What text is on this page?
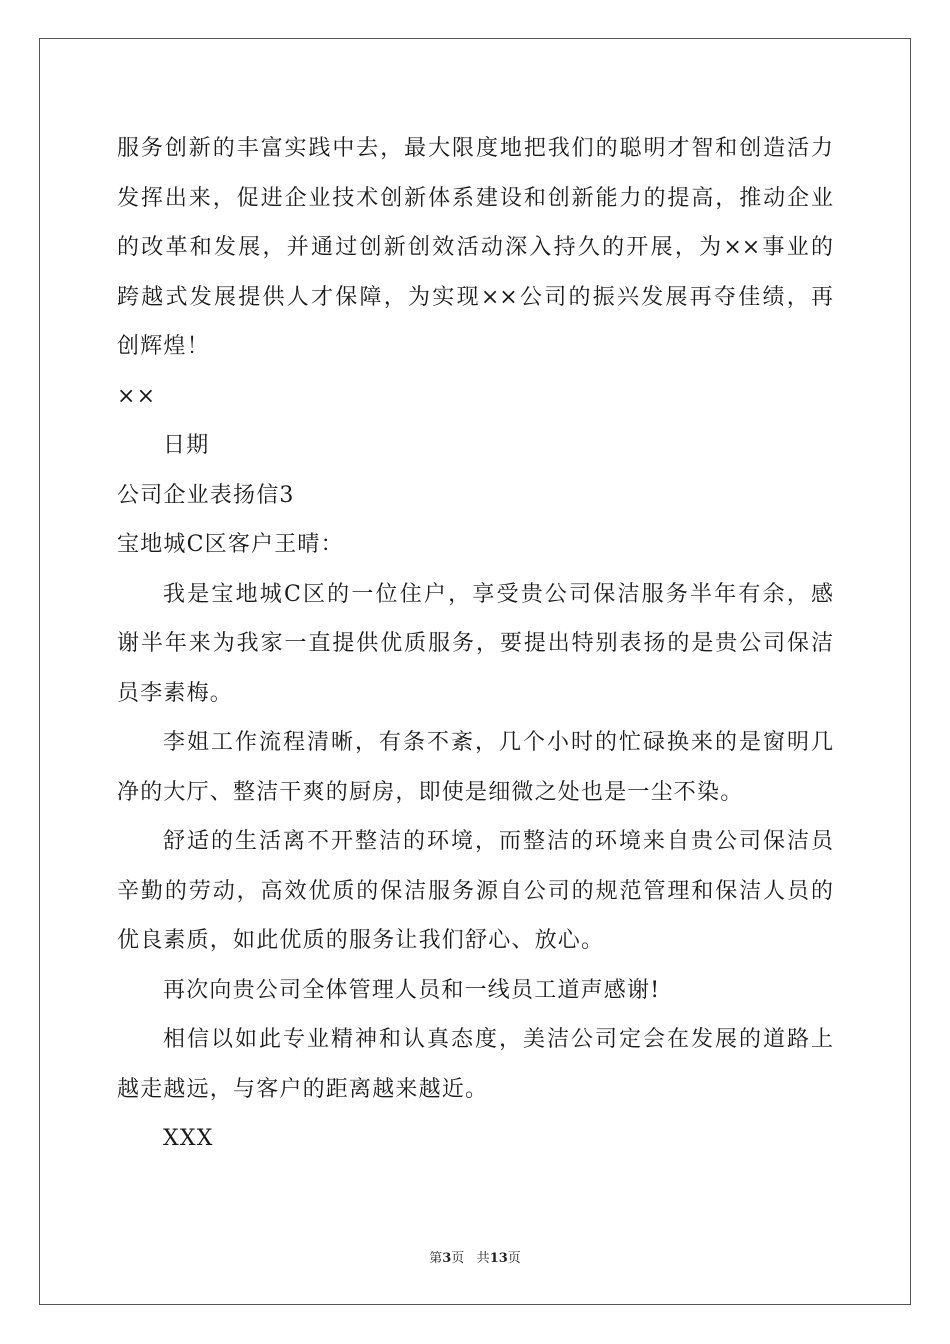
服务创新的丰富实践中去，最大限度地把我们的聪明才智和创造活力
发挥出来，促进企业技术创新体系建设和创新能力的提高，推动企业
的改革和发展，并通过创新创效活动深入持久的开展，为××事业的
跨越式发展提供人才保障，为实现××公司的振兴发展再夺佳绩，再
创辉煌！
××
日期
公司企业表扬信3
宝地城C区客户王晴：
我是宝地城C区的一位住户，享受贵公司保洁服务半年有余，感
谢半年来为我家一直提供优质服务，要提出特别表扬的是贵公司保洁
员李素梅。
李姐工作流程清晰，有条不紊，几个小时的忙碌换来的是窗明几
净的大厅、整洁干爽的厨房，即使是细微之处也是一尘不染。
舒适的生活离不开整洁的环境，而整洁的环境来自贵公司保洁员
辛勤的劳动，高效优质的保洁服务源自公司的规范管理和保洁人员的
优良素质，如此优质的服务让我们舒心、放心。
再次向贵公司全体管理人员和一线员工道声感谢!
相信以如此专业精神和认真态度，美洁公司定会在发展的道路上
越走越远，与客户的距离越来越近。
XXX
第3页 共13页
